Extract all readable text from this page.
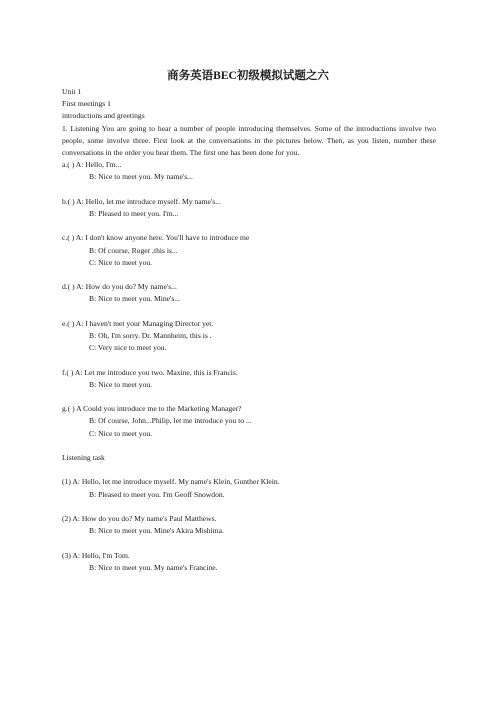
商务英语BEC初级模拟试题之六
Unit 1
First meetings 1
introductions and greetings
1. Listening You are going to hear a number of people introducing themselves. Some of the introductions involve two people, some involve three. First look at the conversations in the pictures below. Then, as you listen, number these conversations in the order you hear them. The first one has been done for you.
a.( ) A: Hello, I'm...
B: Nice to meet you. My name's...
b.( ) A: Hello, let me introduce myself. My name's...
B: Pleased to meet you. I'm...
c.( ) A: I don't know anyone here. You'll have to introduce me
B: Of course, Roger ,this is...
C: Nice to meet you.
d.( ) A: How do you do? My name's...
B: Nice to meet you. Mine's...
e.( ) A: I haven't met your Managing Director yet.
B: Oh, I'm sorry. Dr. Mannheim, this is .
C: Very nice to meet you.
f.( ) A: Let me introduce you two. Maxine, this is Francis.
B: Nice to meet you.
g.( ) A Could you introduce me to the Marketing Manager?
B: Of course, John...Philip, let me introduce you to ...
C: Nice to meet you.
Listening task
(1) A: Hello, let me introduce myself. My name's Klein, Gunther Klein.
B: Pleased to meet you. I'm Geoff Snowdon.
(2) A: How do you do? My name's Paul Matthews.
B: Nice to meet you. Mine's Akira Mishima.
(3) A: Hello, I'm Tom.
B: Nice to meet you. My name's Francine.
